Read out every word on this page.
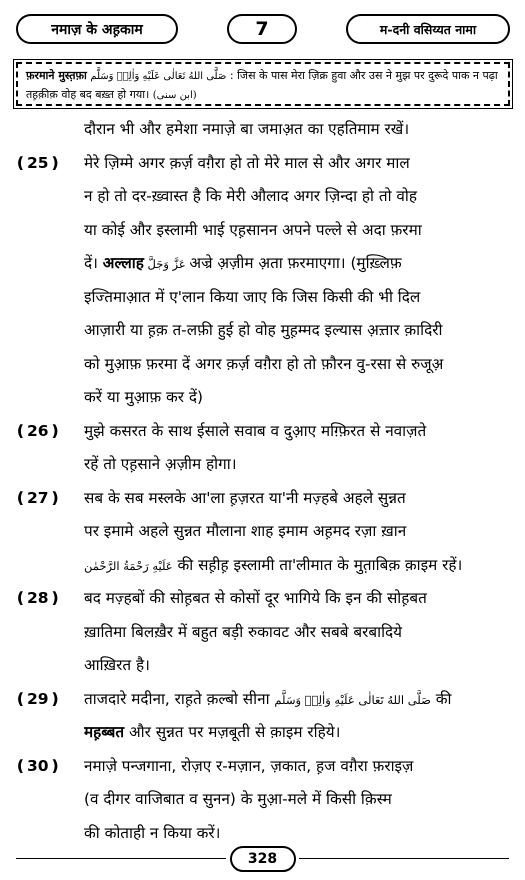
नमाज़ के अह़काम	7	म-दनी वसिय्यत नामा
फ़रमाने मुस्त़फ़ा صَلَّى اللهُ تَعَالٰى عَلَيْهِ وَاٰلِهٖ وَسَلَّم : जिस के पास मेरा ज़िक्र हुवा और उस ने मुझ पर दुरूदे पाक न पढ़ा
तह़क़ीक़ वोह बद बख़्त हो गया। (ابن سنی)
दौरान भी और हमेशा नमाज़े बा जमाअ़त का एहतिमाम रखें।
❪25❫	मेरे ज़िम्मे अगर क़र्ज़ वग़ैरा हो तो मेरे माल से और अगर माल
न हो तो दर-ख़्वास्त है कि मेरी औलाद अगर ज़िन्दा हो तो वोह
या कोई और इस्लामी भाई एह़सानन अपने पल्ले से अदा फ़रमा
दें। अल्लाह عَزَّ وَجَلَّ अज्रे अ़ज़ीम अ़ता फ़रमाएगा। (मुख़्लिफ़
इज्तिमाआ़त में ए'लान किया जाए कि जिस किसी की भी दिल
आज़ारी या ह़क़ त-लफ़ी हुई हो वोह मुह़म्मद इल्यास अ़त्त़ार क़ादिरी
को मुआ़फ़ फ़रमा दें अगर क़र्ज़ वग़ैरा हो तो फ़ौरन वु-रसा से रुजूअ़
करें या मुआ़फ़ कर दें)
❪26❫	मुझे कसरत के साथ ईसाले सवाब व दुआ़ए मग़्फ़िरत से नवाज़ते
रहें तो एह़साने अ़ज़ीम होगा।
❪27❫	सब के सब मस्लके आ'ला ह़ज़रत या'नी मज़्हबे अहले सुन्नत
पर इमामे अहले सुन्नत मौलाना शाह इमाम अह़मद रज़ा ख़ान
عَلَيْهِ رَحْمَةُ الرَّحْمٰن की सह़ीह़ इस्लामी ता'लीमात के मुत़ाबिक़ क़ाइम रहें।
❪28❫	बद मज़्हबों की सोह़बत से कोसों दूर भागिये कि इन की सोह़बत
ख़ातिमा बिलख़ैर में बहुत बड़ी रुकावट और सबबे बरबादिये
आख़िरत है।
❪29❫	ताजदारे मदीना, राह़ते क़ल्बो सीना صَلَّى اللهُ تَعَالٰى عَلَيْهِ وَاٰلِهٖ وَسَلَّم की
मह़ब्बत और सुन्नत पर मज़बूती से क़ाइम रहिये।
❪30❫	नमाज़े पन्जगाना, रोज़ए र-मज़ान, ज़कात, ह़ज वग़ैरा फ़राइज़
(व दीगर वाजिबात व सुनन) के मुआ़-मले में किसी क़िस्म
की कोताही न किया करें।
328
